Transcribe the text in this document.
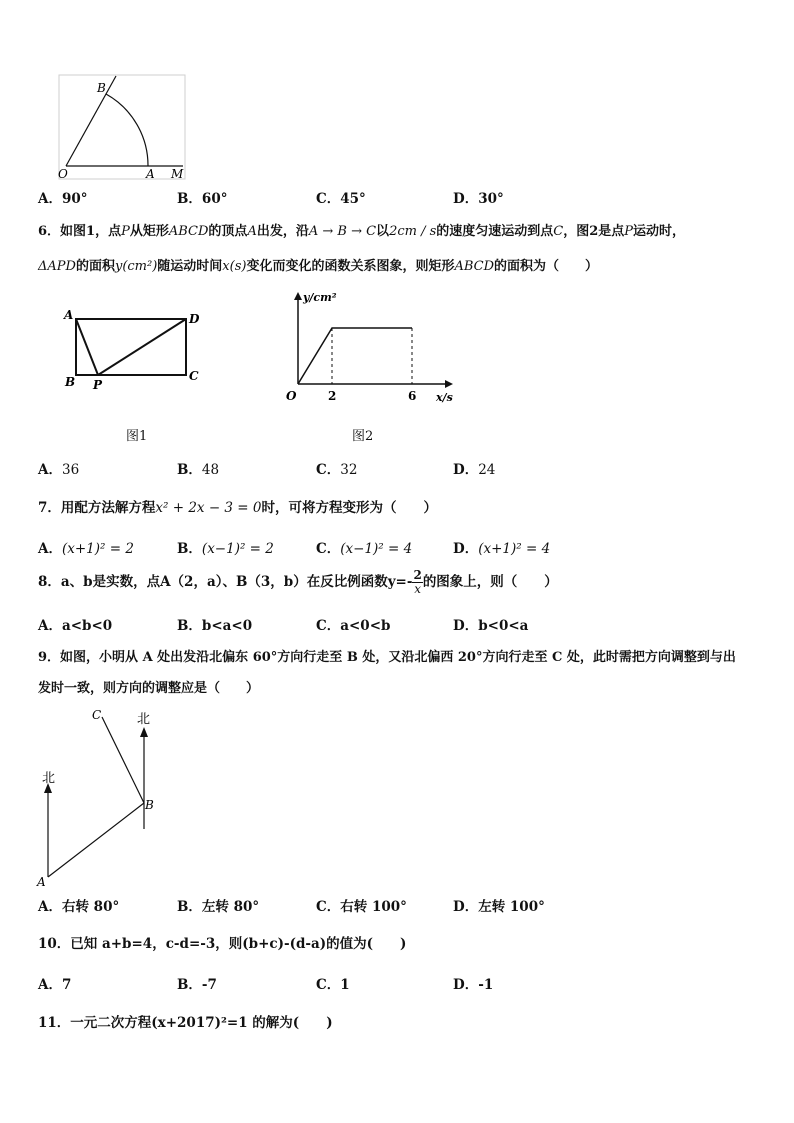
B
O	A M
A．90°	B．60°	C．45°	D．30°
6．如图1，点P从矩形ABCD的顶点A出发，沿A → B → C以2cm / s的速度匀速运动到点C，图2是点P运动时，
ΔAPD的面积y(cm²)随运动时间x(s)变化而变化的函数关系图象，则矩形ABCD的面积为（　　）
A	D
B P
C
y/cm²
x/s
O	2	6
图1	图2
A．36	B．48	C．32	D．24
7．用配方法解方程x² + 2x − 3 = 0时，可将方程变形为（　　）
A．(x+1)² = 2	B．(x−1)² = 2	C．(x−1)² = 4	D．(x+1)² = 4
8．a、b是实数，点A（2，a）、B（3，b）在反比例函数$y=- \frac{2}{x}$ 的图象上，则（　　）
A．a<b<0	B．b<a<0	C．a<0<b	D．b<0<a
9．如图，小明从 A 处出发沿北偏东 60°方向行走至 B 处，又沿北偏西 20°方向行走至 C 处，此时需把方向调整到与出
发时一致，则方向的调整应是（　　）
C	北
北
B
A
A．右转 80°	B．左转 80°	C．右转 100°	D．左转 100°
10．已知 a+b=4，c-d=-3，则(b+c)-(d-a)的值为(　　)
A．7	B．-7	C．1	D．-1
11．一元二次方程(x+2017)²=1 的解为(　　)
